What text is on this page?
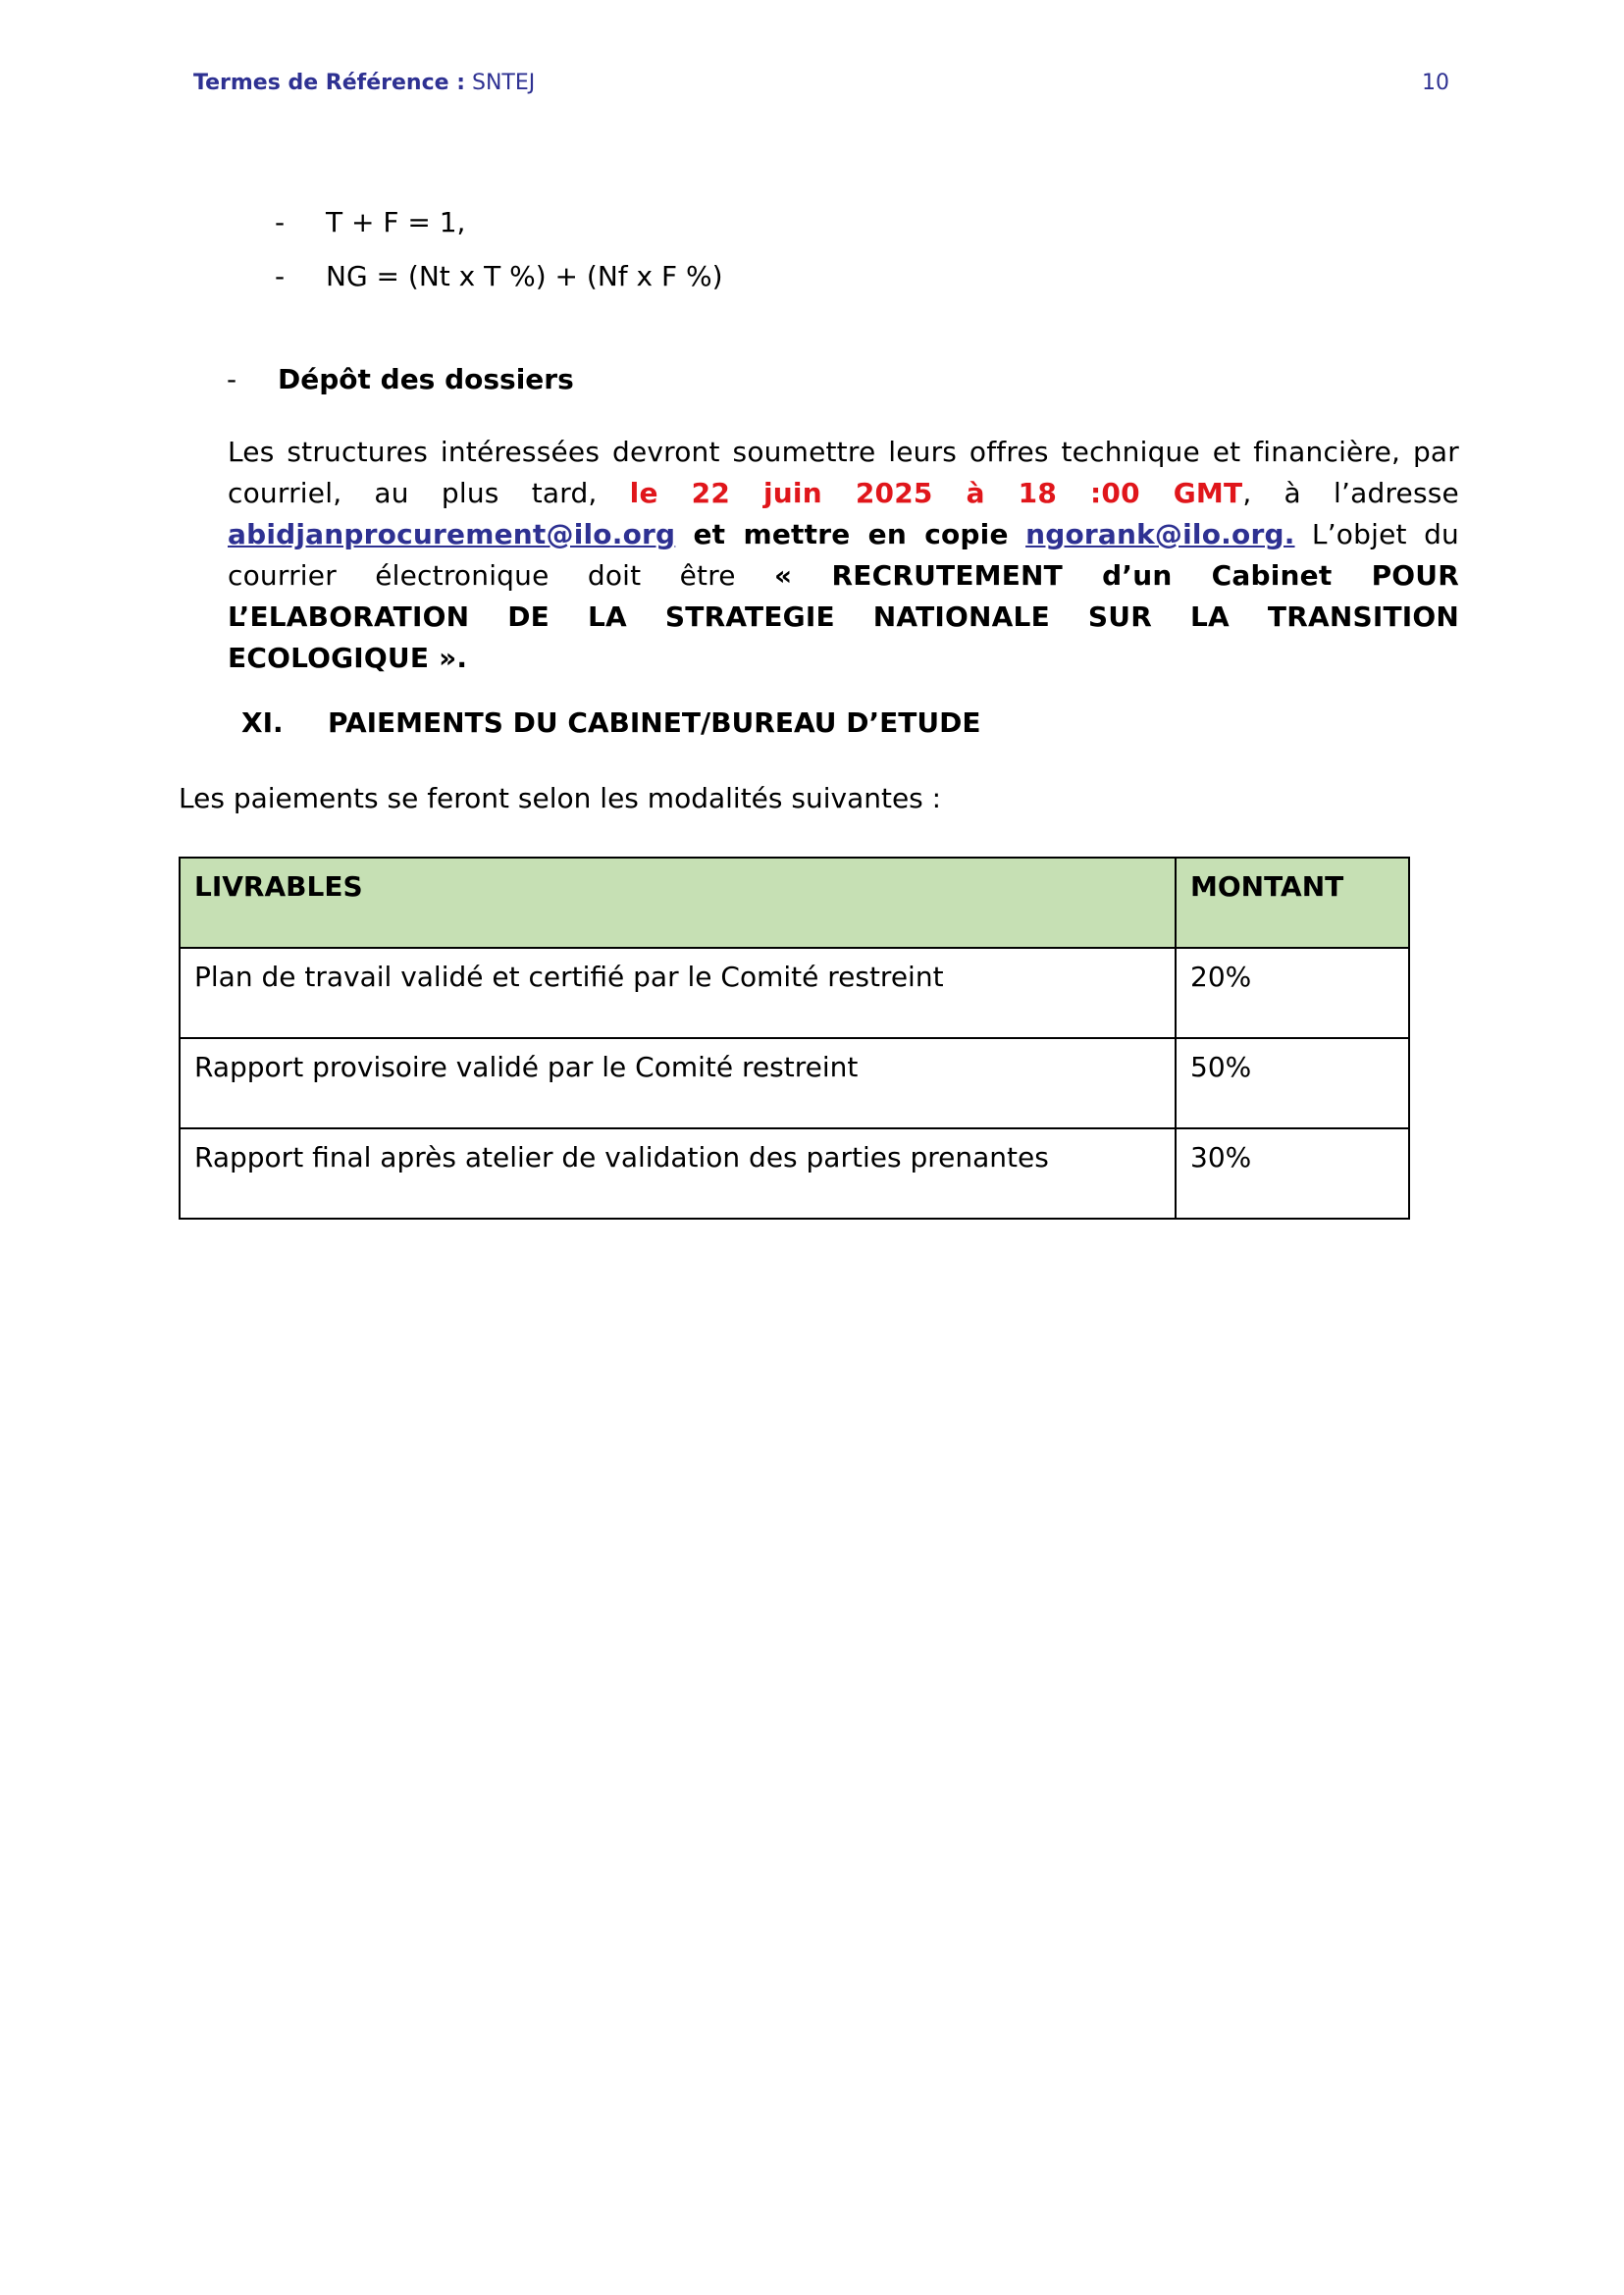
Termes de Référence : SNTEJ	10
- T + F = 1,
- NG = (Nt x T %) + (Nf x F %)
- Dépôt des dossiers
Les structures intéressées devront soumettre leurs offres technique et financière, par courriel, au plus tard, le 22 juin 2025 à 18 :00 GMT, à l’adresse abidjanprocurement@ilo.org et mettre en copie ngorank@ilo.org. L’objet du courrier électronique doit être « RECRUTEMENT d’un Cabinet POUR L’ELABORATION DE LA STRATEGIE NATIONALE SUR LA TRANSITION ECOLOGIQUE ».
XI. PAIEMENTS DU CABINET/BUREAU D’ETUDE
Les paiements se feront selon les modalités suivantes :
LIVRABLES	MONTANT
Plan de travail validé et certifié par le Comité restreint	20%
Rapport provisoire validé par le Comité restreint	50%
Rapport final après atelier de validation des parties prenantes	30%
